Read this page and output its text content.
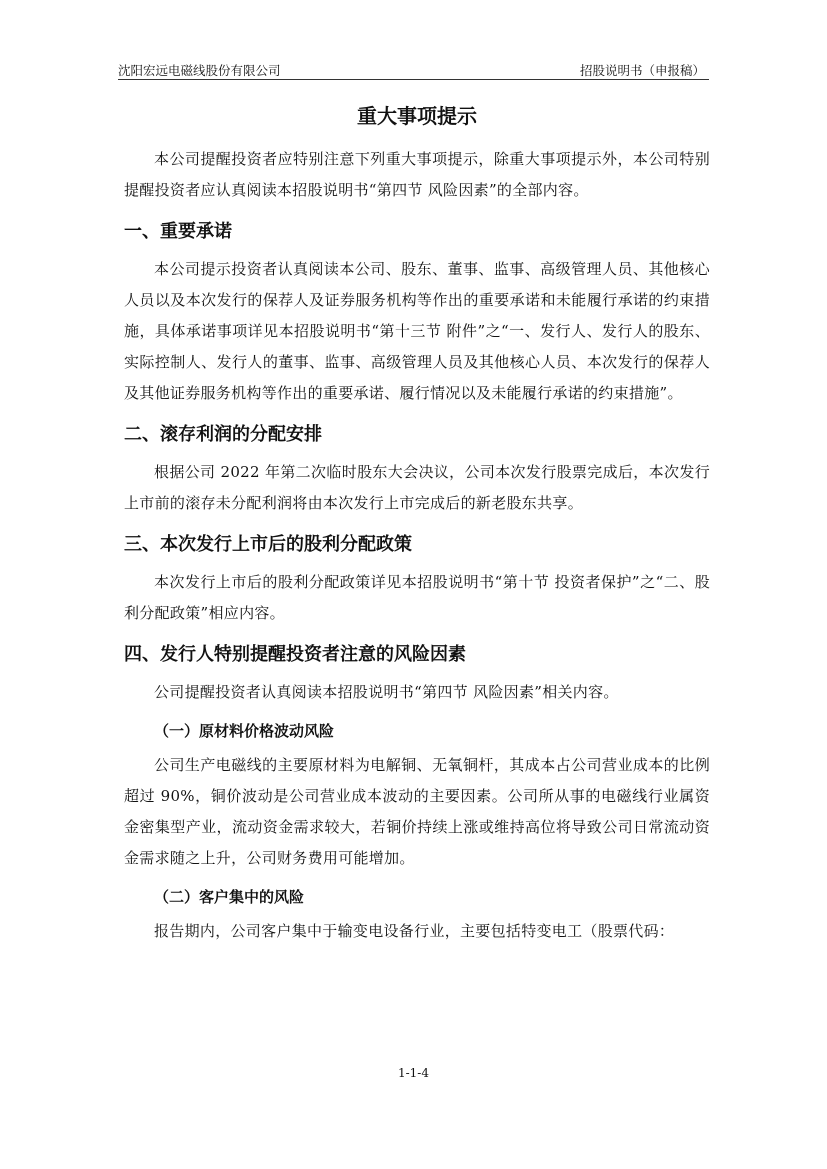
沈阳宏远电磁线股份有限公司	招股说明书（申报稿）
重大事项提示

本公司提醒投资者应特别注意下列重大事项提示，除重大事项提示外，本公司特别提醒投资者应认真阅读本招股说明书“第四节 风险因素”的全部内容。

一、重要承诺

本公司提示投资者认真阅读本公司、股东、董事、监事、高级管理人员、其他核心人员以及本次发行的保荐人及证券服务机构等作出的重要承诺和未能履行承诺的约束措施，具体承诺事项详见本招股说明书“第十三节 附件”之“一、发行人、发行人的股东、实际控制人、发行人的董事、监事、高级管理人员及其他核心人员、本次发行的保荐人及其他证券服务机构等作出的重要承诺、履行情况以及未能履行承诺的约束措施”。

二、滚存利润的分配安排

根据公司 2022 年第二次临时股东大会决议，公司本次发行股票完成后，本次发行上市前的滚存未分配利润将由本次发行上市完成后的新老股东共享。

三、本次发行上市后的股利分配政策

本次发行上市后的股利分配政策详见本招股说明书“第十节 投资者保护”之“二、股利分配政策”相应内容。

四、发行人特别提醒投资者注意的风险因素

公司提醒投资者认真阅读本招股说明书“第四节 风险因素”相关内容。

（一）原材料价格波动风险

公司生产电磁线的主要原材料为电解铜、无氧铜杆，其成本占公司营业成本的比例超过 90%，铜价波动是公司营业成本波动的主要因素。公司所从事的电磁线行业属资金密集型产业，流动资金需求较大，若铜价持续上涨或维持高位将导致公司日常流动资金需求随之上升，公司财务费用可能增加。

（二）客户集中的风险

报告期内，公司客户集中于输变电设备行业，主要包括特变电工（股票代码：

1-1-4
